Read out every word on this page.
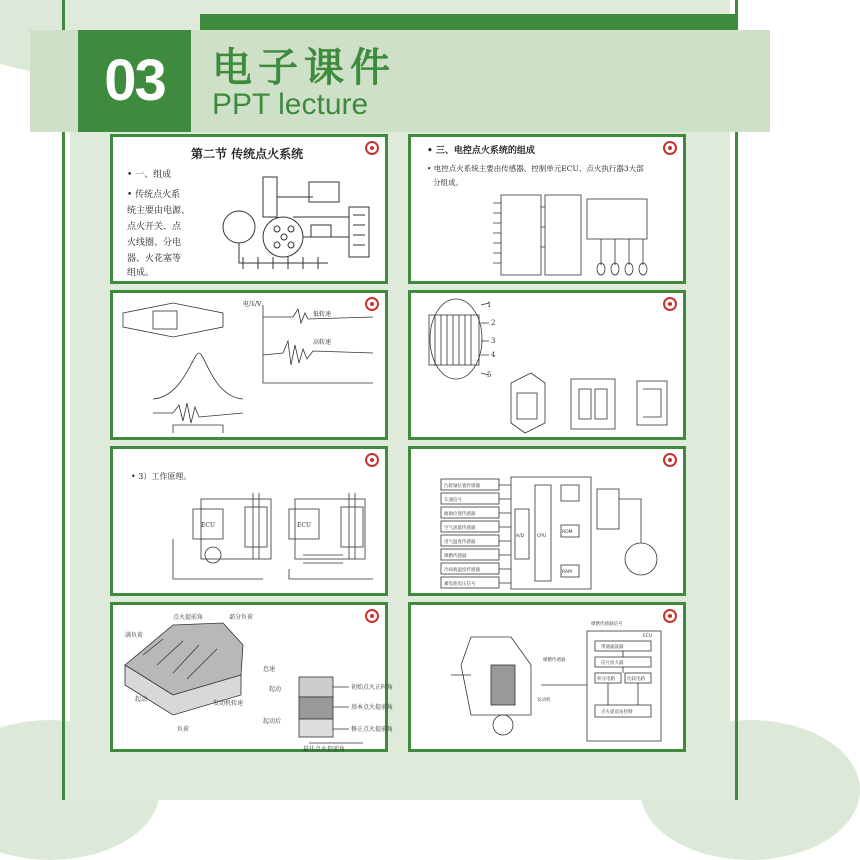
03	电子课件
PPT lecture
第二节 传统点火系统
• 一、组成
• 传统点火系
统主要由电源、
点火开关、点
火线圈、分电
器、火花塞等
组成。
• 三、电控点火系统的组成
• 电控点火系统主要由传感器、控制单元ECU、点火执行器3大部
分组成。
电压/V
低转速
高转速
1
2
3
4
5
• 3）工作原理。
ECU	ECU
凸轮轴位置传感器
车速信号
曲轴位置传感器
空气流量传感器
进气温度传感器
爆燃传感器
冷却液温度传感器
蓄电池电压信号
CPU
ROM
RAM
A/D
点火提前角	部分负荷
满负荷
怠速
负荷
起动
发动机转速
起动
起动后
初始点火正时角
基本点火提前角
修正点火提前角
最佳点火提前角
爆燃传感器信号
ECU
带通滤波器
信号放大器
积分电路	比较电路
点火提前角控制
爆燃传感器
发动机
